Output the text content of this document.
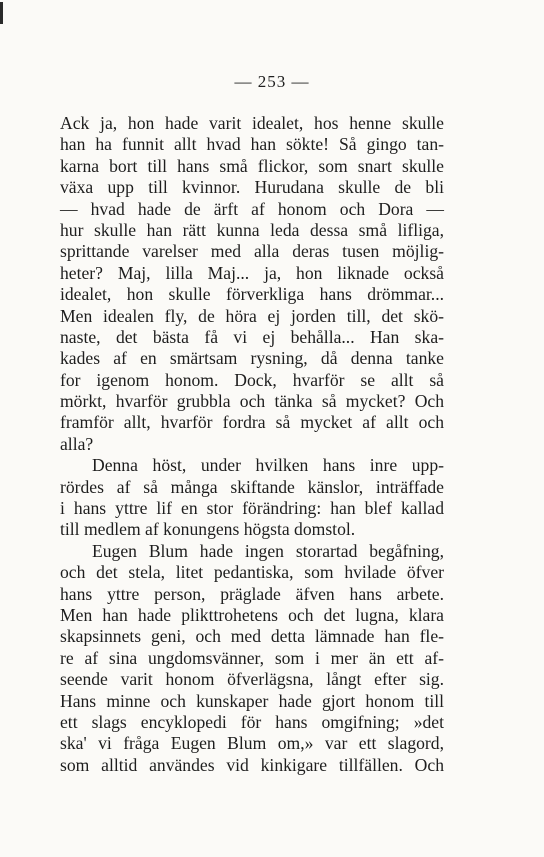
— 253 —
Ack ja, hon hade varit idealet, hos henne skulle
han ha funnit allt hvad han sökte! Så gingo tan-
karna bort till hans små flickor, som snart skulle
växa upp till kvinnor. Hurudana skulle de bli
— hvad hade de ärft af honom och Dora —
hur skulle han rätt kunna leda dessa små lifliga,
sprittande varelser med alla deras tusen möjlig-
heter? Maj, lilla Maj... ja, hon liknade också
idealet, hon skulle förverkliga hans drömmar...
Men idealen fly, de höra ej jorden till, det skö-
naste, det bästa få vi ej behålla... Han ska-
kades af en smärtsam rysning, då denna tanke
for igenom honom. Dock, hvarför se allt så
mörkt, hvarför grubbla och tänka så mycket? Och
framför allt, hvarför fordra så mycket af allt och
alla?
Denna höst, under hvilken hans inre upp-
rördes af så många skiftande känslor, inträffade
i hans yttre lif en stor förändring: han blef kallad
till medlem af konungens högsta domstol.
Eugen Blum hade ingen storartad begåfning,
och det stela, litet pedantiska, som hvilade öfver
hans yttre person, präglade äfven hans arbete.
Men han hade plikttrohetens och det lugna, klara
skapsinnets geni, och med detta lämnade han fle-
re af sina ungdomsvänner, som i mer än ett af-
seende varit honom öfverlägsna, långt efter sig.
Hans minne och kunskaper hade gjort honom till
ett slags encyklopedi för hans omgifning; »det
ska' vi fråga Eugen Blum om,» var ett slagord,
som alltid användes vid kinkigare tillfällen. Och
